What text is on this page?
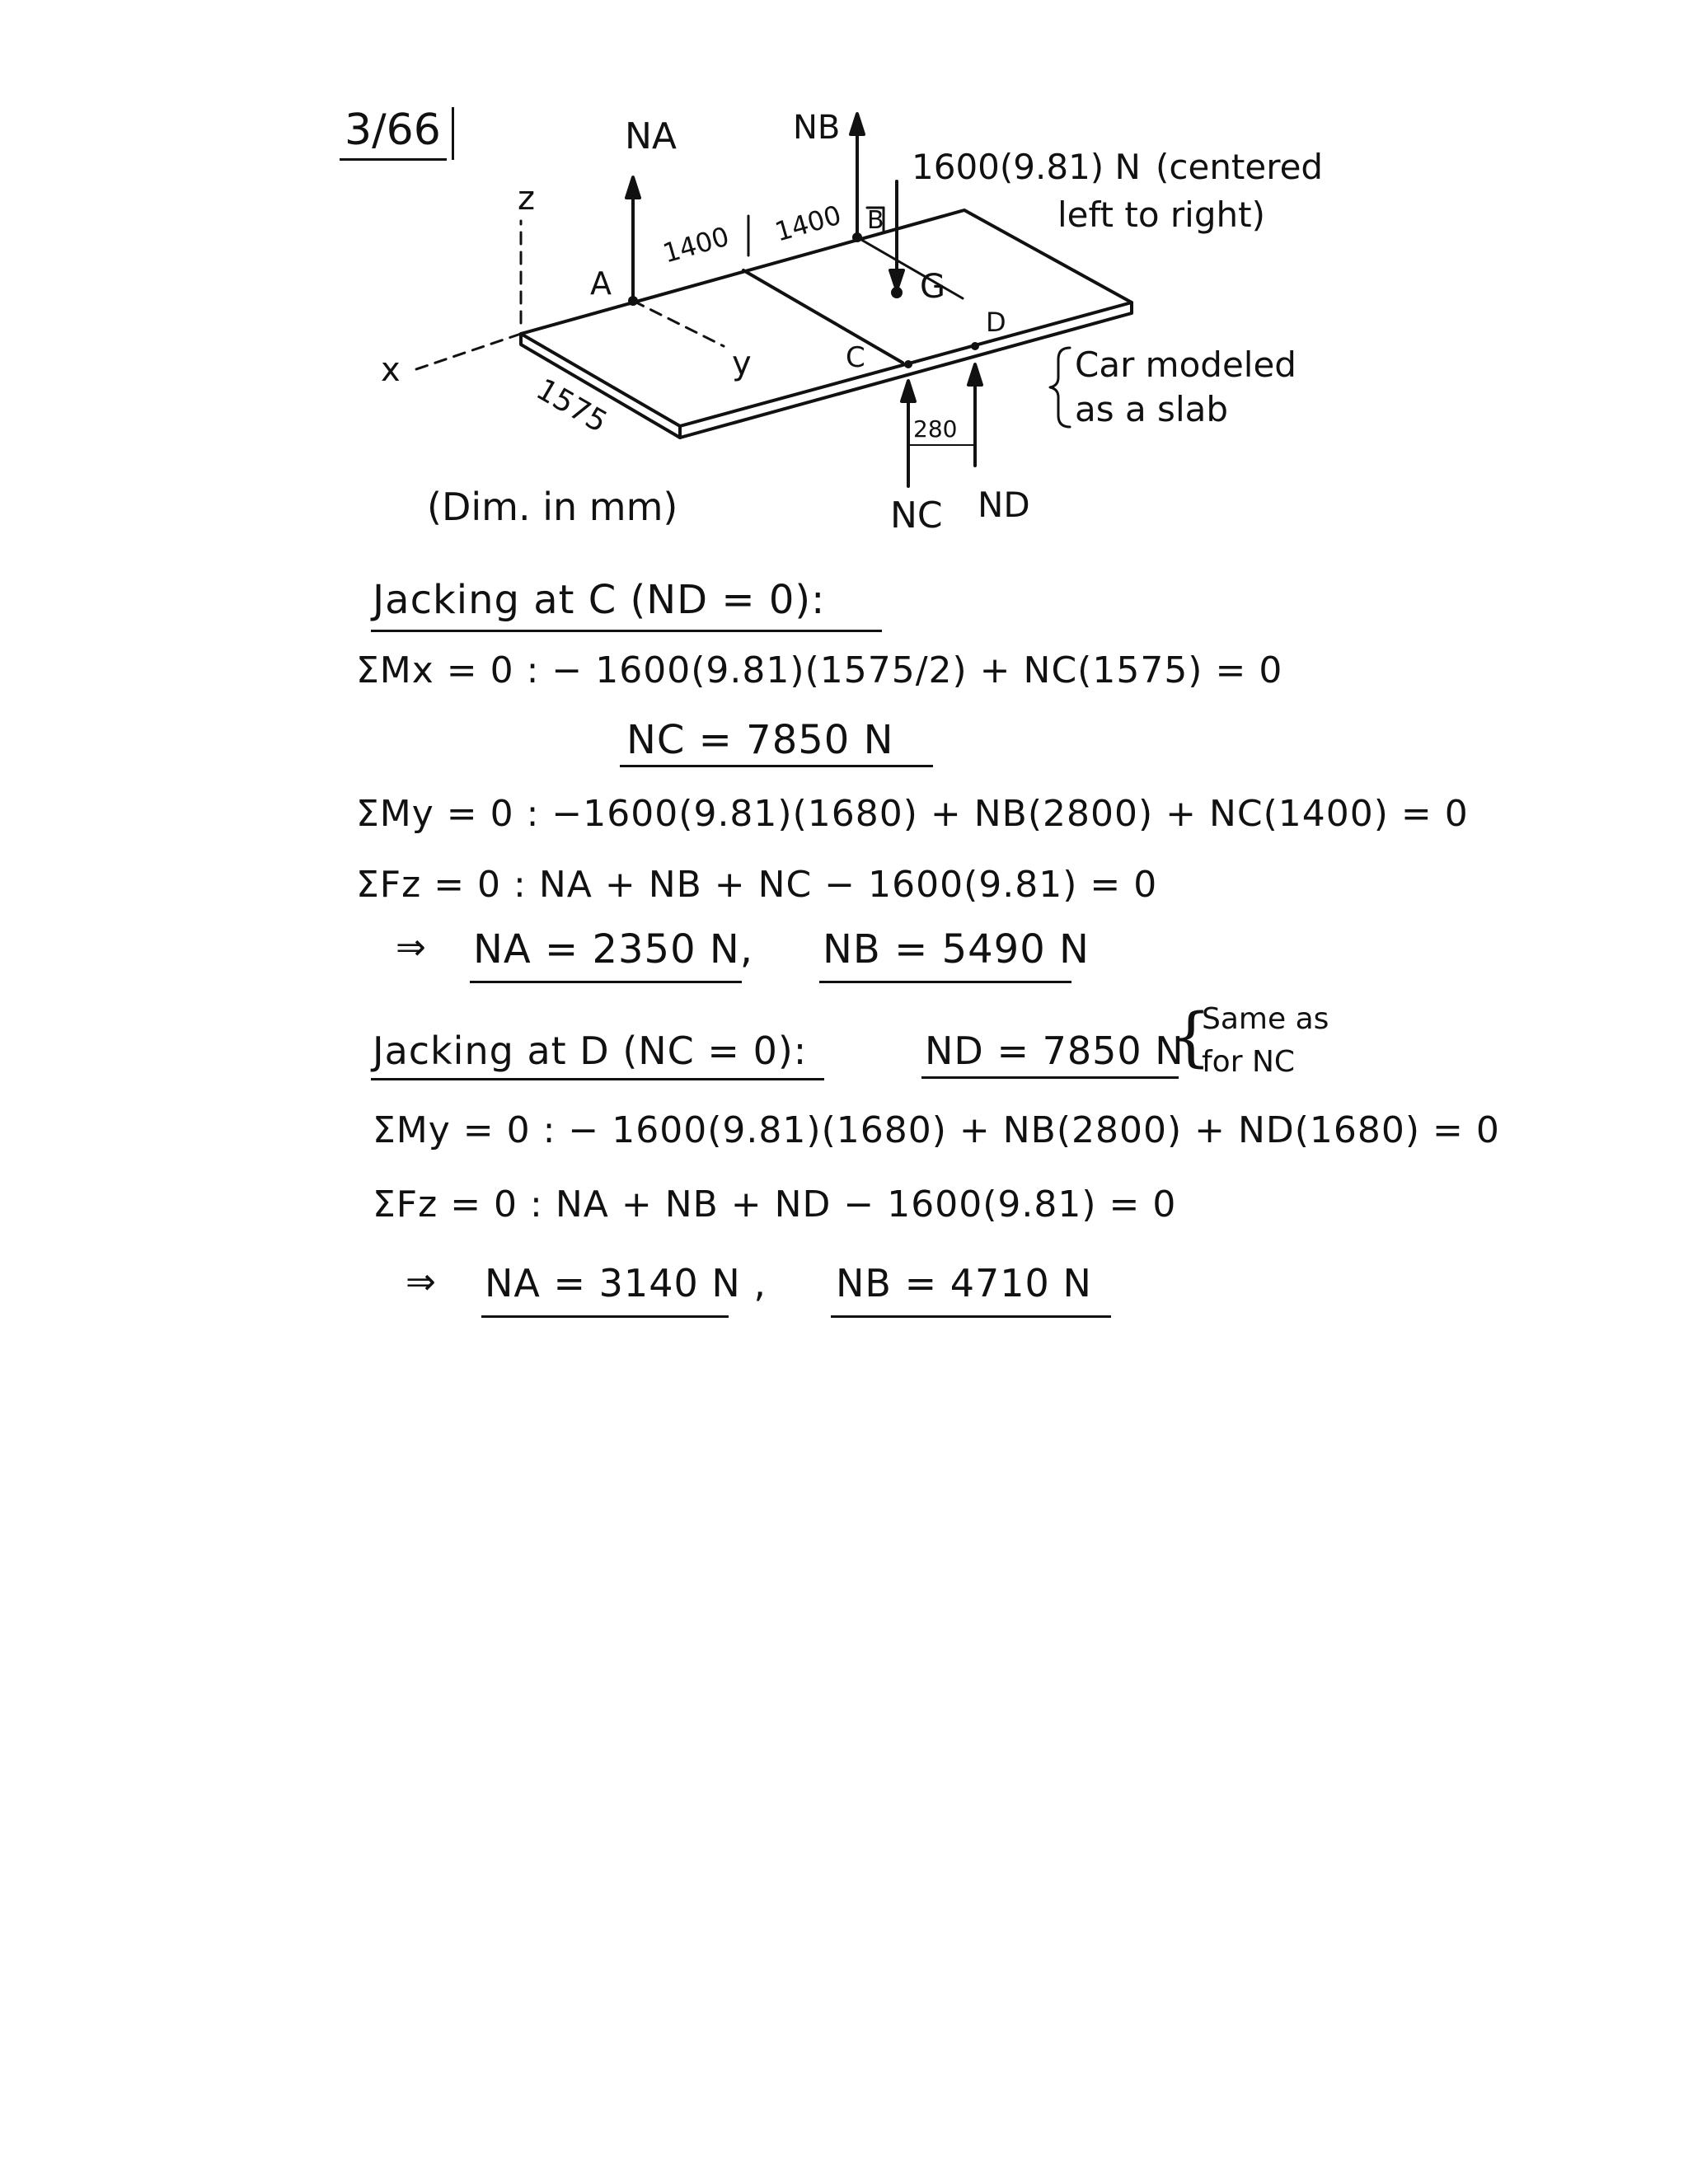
3/66	NA	NB
1600(9.81) N (centered
left to right)
z
x	y
A
B
C
D
G
1400 1400
1575	280
NC ND
Car modeled
as a slab
(Dim. in mm)
Jacking at C (ND = 0):
ΣMx = 0 : − 1600(9.81)(1575/2) + NC(1575) = 0
NC = 7850 N
ΣMy = 0 : −1600(9.81)(1680) + NB(2800) + NC(1400) = 0
ΣFz = 0 : NA + NB + NC − 1600(9.81) = 0
⇒ NA = 2350 N, NB = 5490 N
Jacking at D (NC = 0):	ND = 7850 N
{
Same as
for NC
ΣMy = 0 : − 1600(9.81)(1680) + NB(2800) + ND(1680) = 0
ΣFz = 0 : NA + NB + ND − 1600(9.81) = 0
⇒ NA = 3140 N , NB = 4710 N
